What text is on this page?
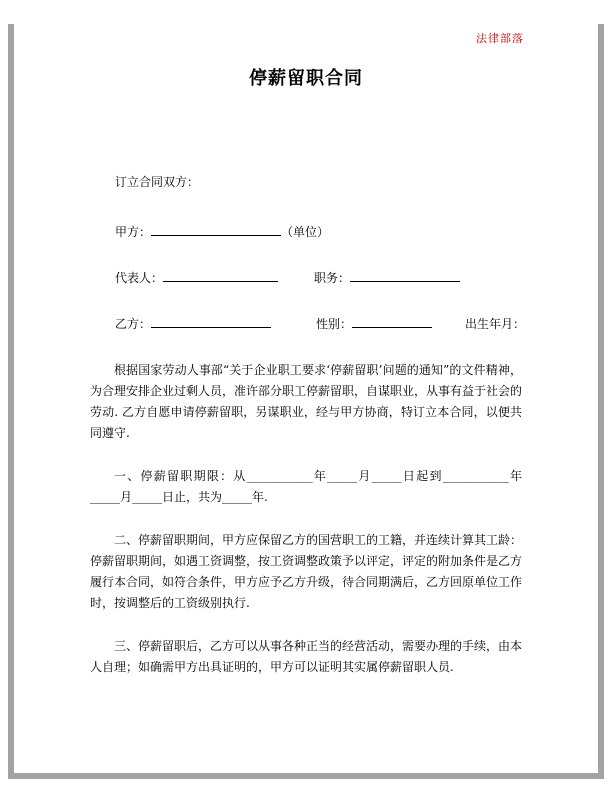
法律部落
停薪留职合同

订立合同双方：

甲方：	（单位）
代表人：	职务：
乙方：	性别：	出生年月：

根据国家劳动人事部“关于企业职工要求‘停薪留职’问题的通知”的文件精神，为合理安排企业过剩人员，准许部分职工停薪留职，自谋职业，从事有益于社会的劳动. 乙方自愿申请停薪留职，另谋职业，经与甲方协商，特订立本合同，以便共同遵守.

一、停薪留职期限：从___________年_____月_____日起到___________年_____月_____日止，共为_____年.

二、停薪留职期间，甲方应保留乙方的国营职工的工籍，并连续计算其工龄：停薪留职期间，如遇工资调整，按工资调整政策予以评定，评定的附加条件是乙方履行本合同，如符合条件，甲方应予乙方升级，待合同期满后，乙方回原单位工作时，按调整后的工资级别执行.

三、停薪留职后，乙方可以从事各种正当的经营活动，需要办理的手续，由本人自理；如确需甲方出具证明的，甲方可以证明其实属停薪留职人员.
